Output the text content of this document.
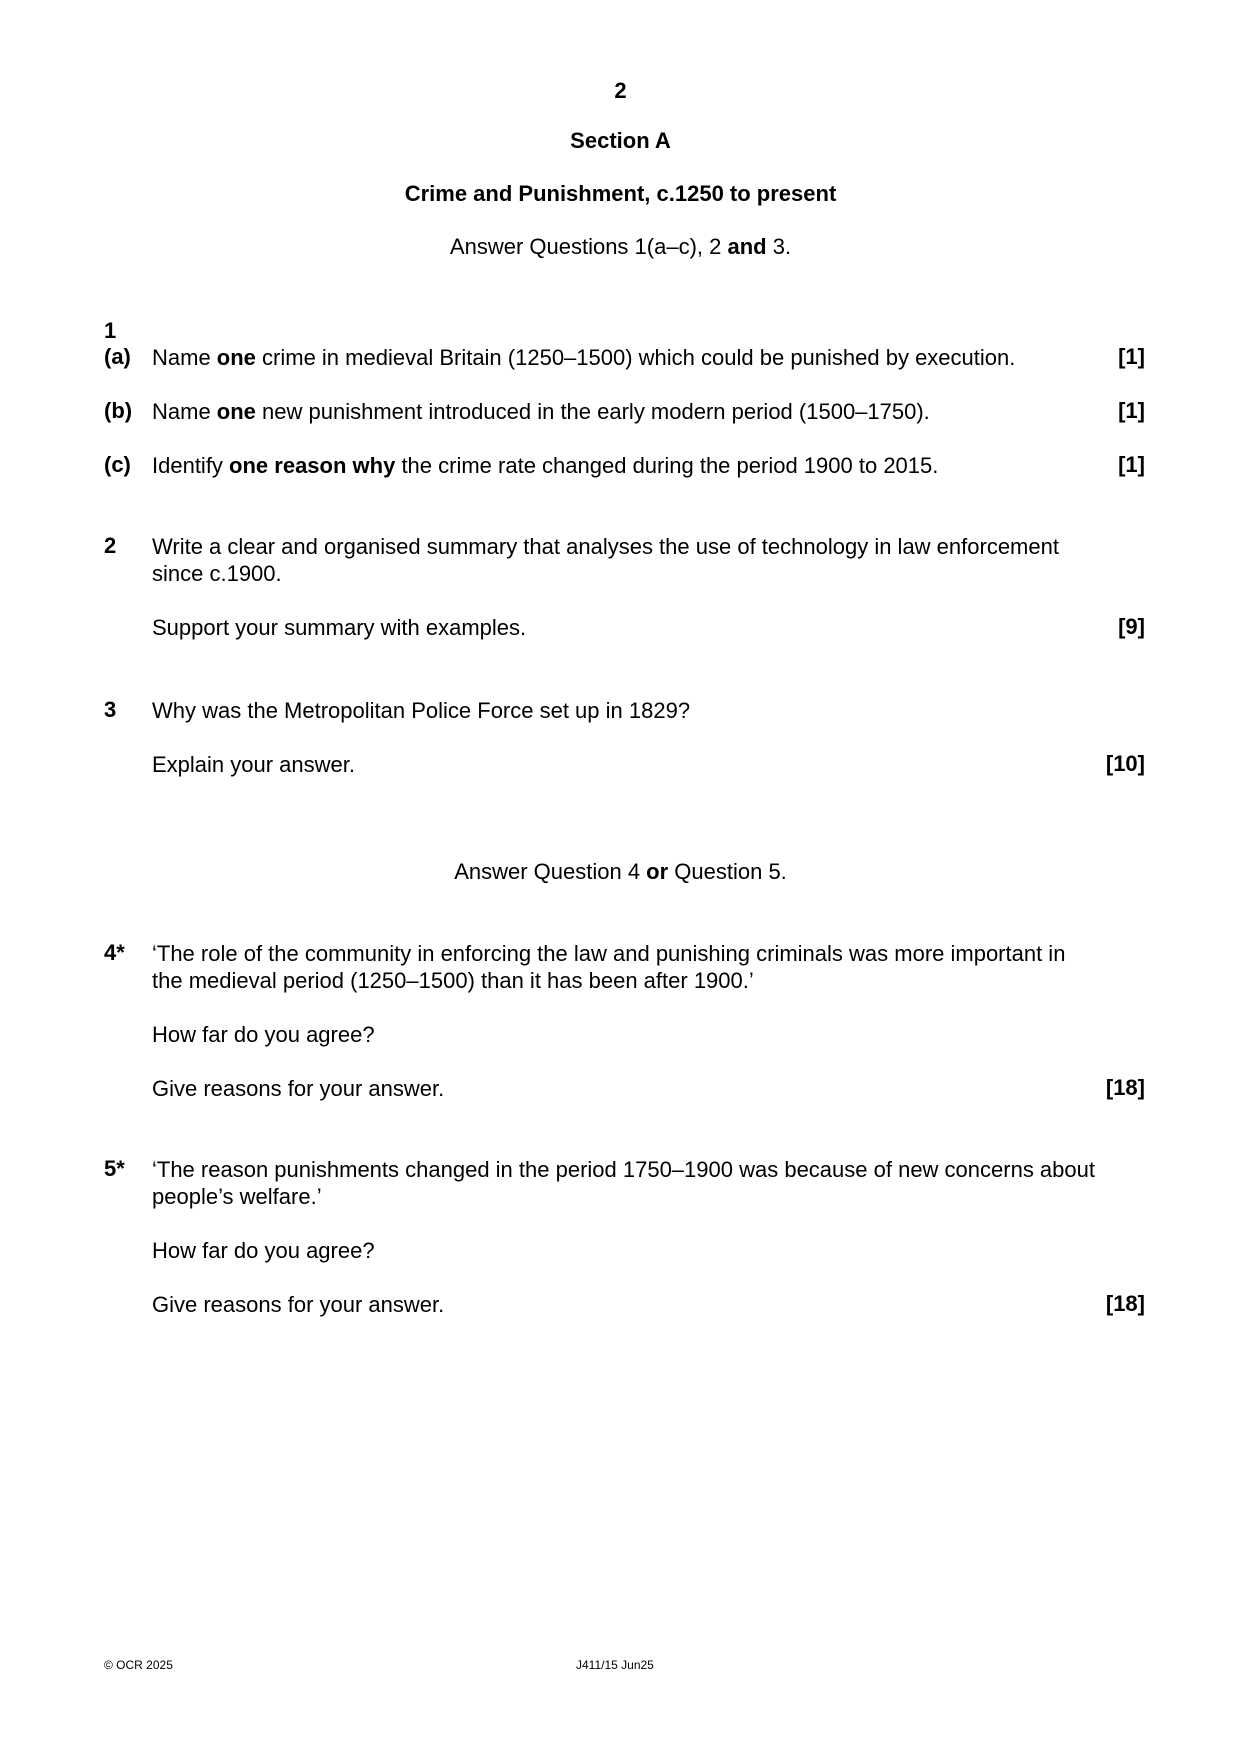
2
Section A
Crime and Punishment, c.1250 to present
Answer Questions 1(a–c), 2 and 3.
1
(a) Name one crime in medieval Britain (1250–1500) which could be punished by execution.	[1]
(b) Name one new punishment introduced in the early modern period (1500–1750).	[1]
(c) Identify one reason why the crime rate changed during the period 1900 to 2015.	[1]
2 Write a clear and organised summary that analyses the use of technology in law enforcement
since c.1900.
Support your summary with examples.	[9]
3 Why was the Metropolitan Police Force set up in 1829?
Explain your answer.	[10]
Answer Question 4 or Question 5.
4* ‘The role of the community in enforcing the law and punishing criminals was more important in
the medieval period (1250–1500) than it has been after 1900.’
How far do you agree?
Give reasons for your answer.	[18]
5* ‘The reason punishments changed in the period 1750–1900 was because of new concerns about
people’s welfare.’
How far do you agree?
Give reasons for your answer.	[18]
© OCR 2025	J411/15 Jun25
